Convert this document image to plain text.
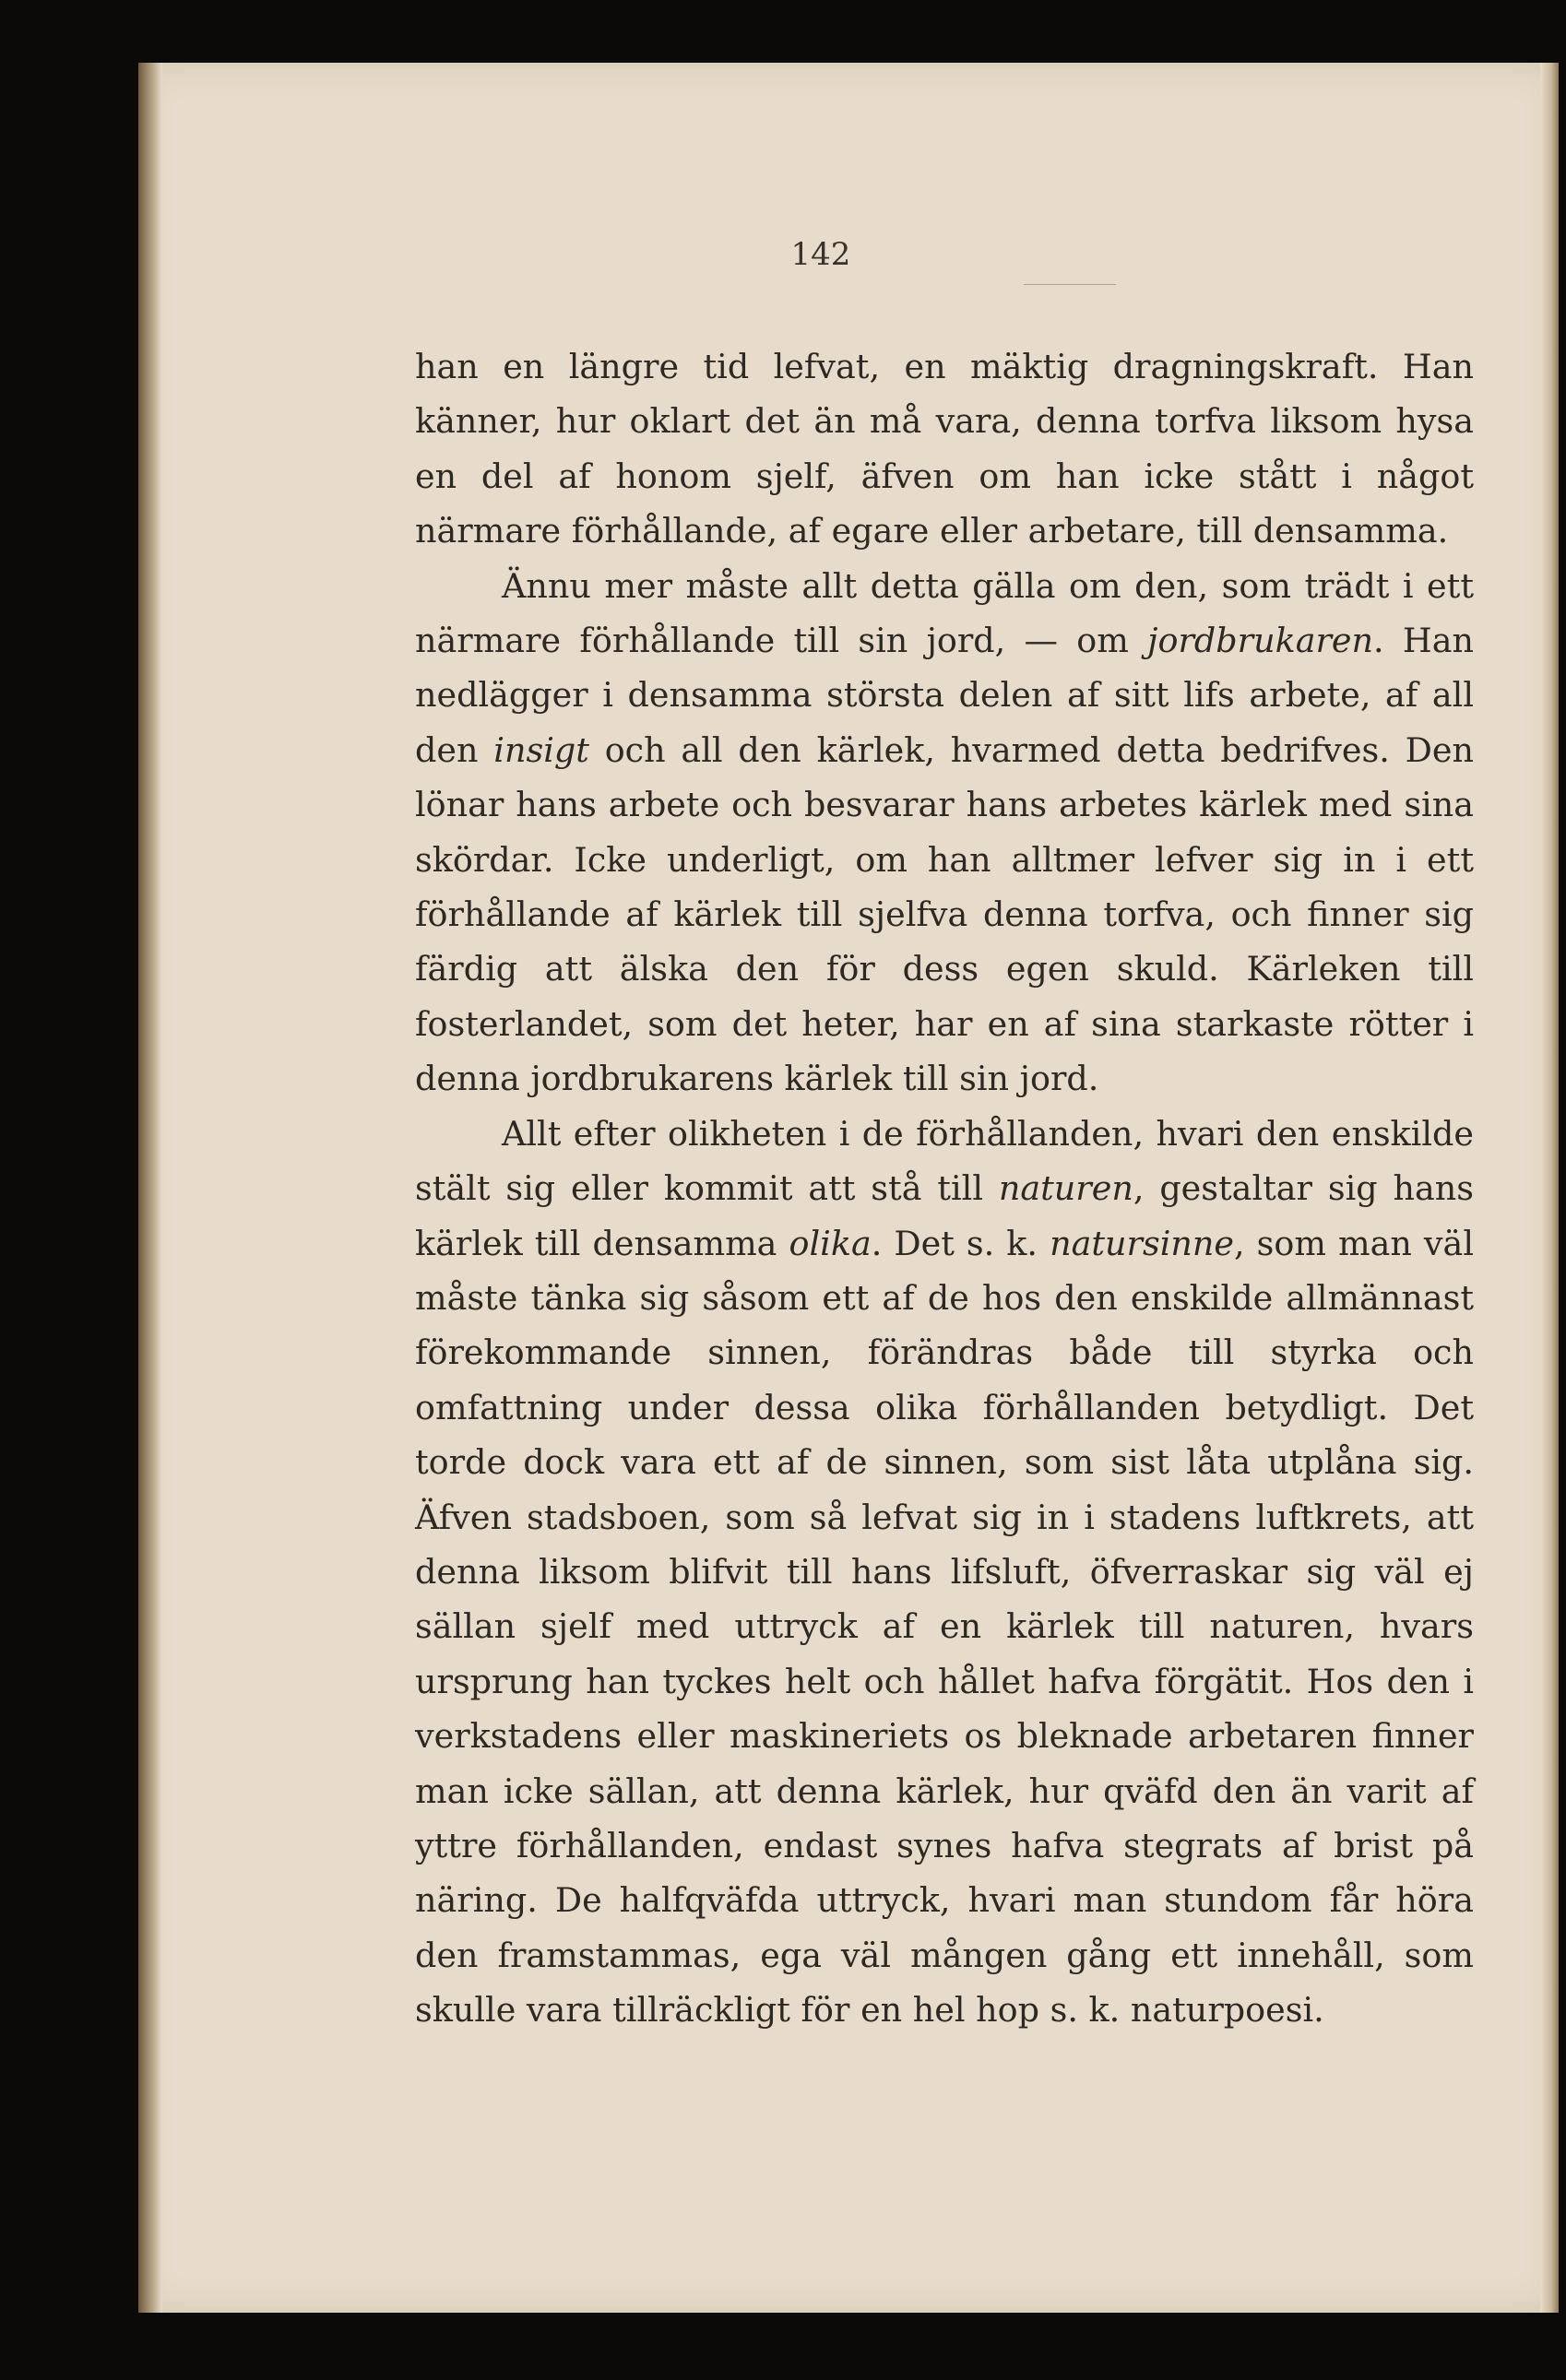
142

han en längre tid lefvat, en mäktig dragningskraft. Han känner, hur oklart det än må vara, denna torfva liksom hysa en del af honom sjelf, äfven om han icke stått i något närmare förhållande, af egare eller arbetare, till densamma.

Ännu mer måste allt detta gälla om den, som trädt i ett närmare förhållande till sin jord, — om jordbrukaren. Han nedlägger i densamma största delen af sitt lifs arbete, af all den insigt och all den kärlek, hvarmed detta bedrifves. Den lönar hans arbete och besvarar hans arbetes kärlek med sina skördar. Icke underligt, om han alltmer lefver sig in i ett förhållande af kärlek till sjelfva denna torfva, och finner sig färdig att älska den för dess egen skuld. Kärleken till fosterlandet, som det heter, har en af sina starkaste rötter i denna jordbrukarens kärlek till sin jord.

Allt efter olikheten i de förhållanden, hvari den enskilde stält sig eller kommit att stå till naturen, gestaltar sig hans kärlek till densamma olika. Det s. k. natursinne, som man väl måste tänka sig såsom ett af de hos den enskilde allmännast förekommande sinnen, förändras både till styrka och omfattning under dessa olika förhållanden betydligt. Det torde dock vara ett af de sinnen, som sist låta utplåna sig. Äfven stadsboen, som så lefvat sig in i stadens luftkrets, att denna liksom blifvit till hans lifsluft, öfverraskar sig väl ej sällan sjelf med uttryck af en kärlek till naturen, hvars ursprung han tyckes helt och hållet hafva förgätit. Hos den i verkstadens eller maskineriets os bleknade arbetaren finner man icke sällan, att denna kärlek, hur qväfd den än varit af yttre förhållanden, endast synes hafva stegrats af brist på näring. De halfqväfda uttryck, hvari man stundom får höra den framstammas, ega väl mången gång ett innehåll, som skulle vara tillräckligt för en hel hop s. k. naturpoesi.
